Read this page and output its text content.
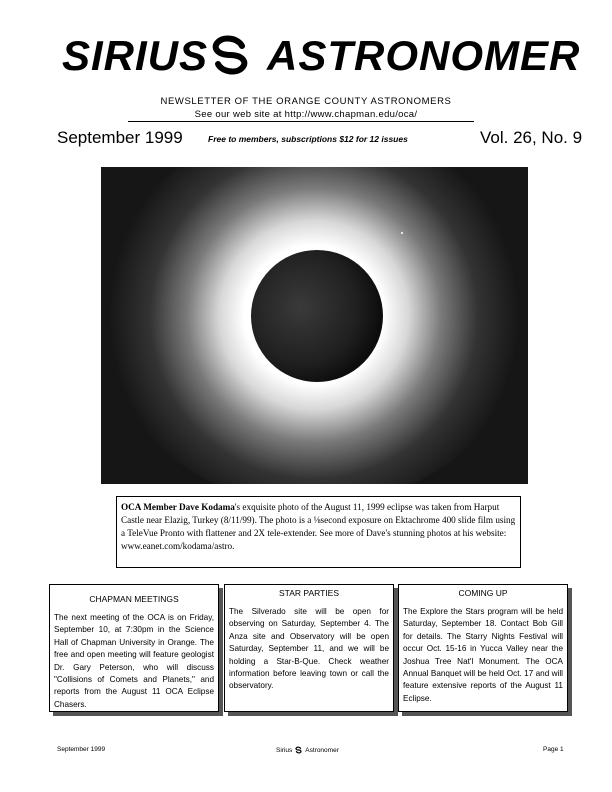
SIRIUS ASTRONOMER
NEWSLETTER OF THE ORANGE COUNTY ASTRONOMERS
See our web site at http://www.chapman.edu/oca/
September 1999	Free to members, subscriptions $12 for 12 issues	Vol. 26, No. 9
OCA Member Dave Kodama's exquisite photo of the August 11, 1999 eclipse was taken from Harput Castle near Elazig, Turkey (8/11/99). The photo is a ⅛second exposure on Ektachrome 400 slide film using a TeleVue Pronto with flattener and 2X tele-extender. See more of Dave's stunning photos at his website: www.eanet.com/kodama/astro.
CHAPMAN MEETINGS
The next meeting of the OCA is on Friday, September 10, at 7:30pm in the Science Hall of Chapman University in Orange. The free and open meeting will feature geologist Dr. Gary Peterson, who will discuss "Collisions of Comets and Planets," and reports from the August 11 OCA Eclipse Chasers.
STAR PARTIES
The Silverado site will be open for observing on Saturday, September 4. The Anza site and Observatory will be open Saturday, September 11, and we will be holding a Star-B-Que. Check weather information before leaving town or call the observatory.
COMING UP
The Explore the Stars program will be held Saturday, September 18. Contact Bob Gill for details. The Starry Nights Festival will occur Oct. 15-16 in Yucca Valley near the Joshua Tree Nat'l Monument. The OCA Annual Banquet will be held Oct. 17 and will feature extensive reports of the August 11 Eclipse.
September 1999	Sirius Astronomer	Page 1
